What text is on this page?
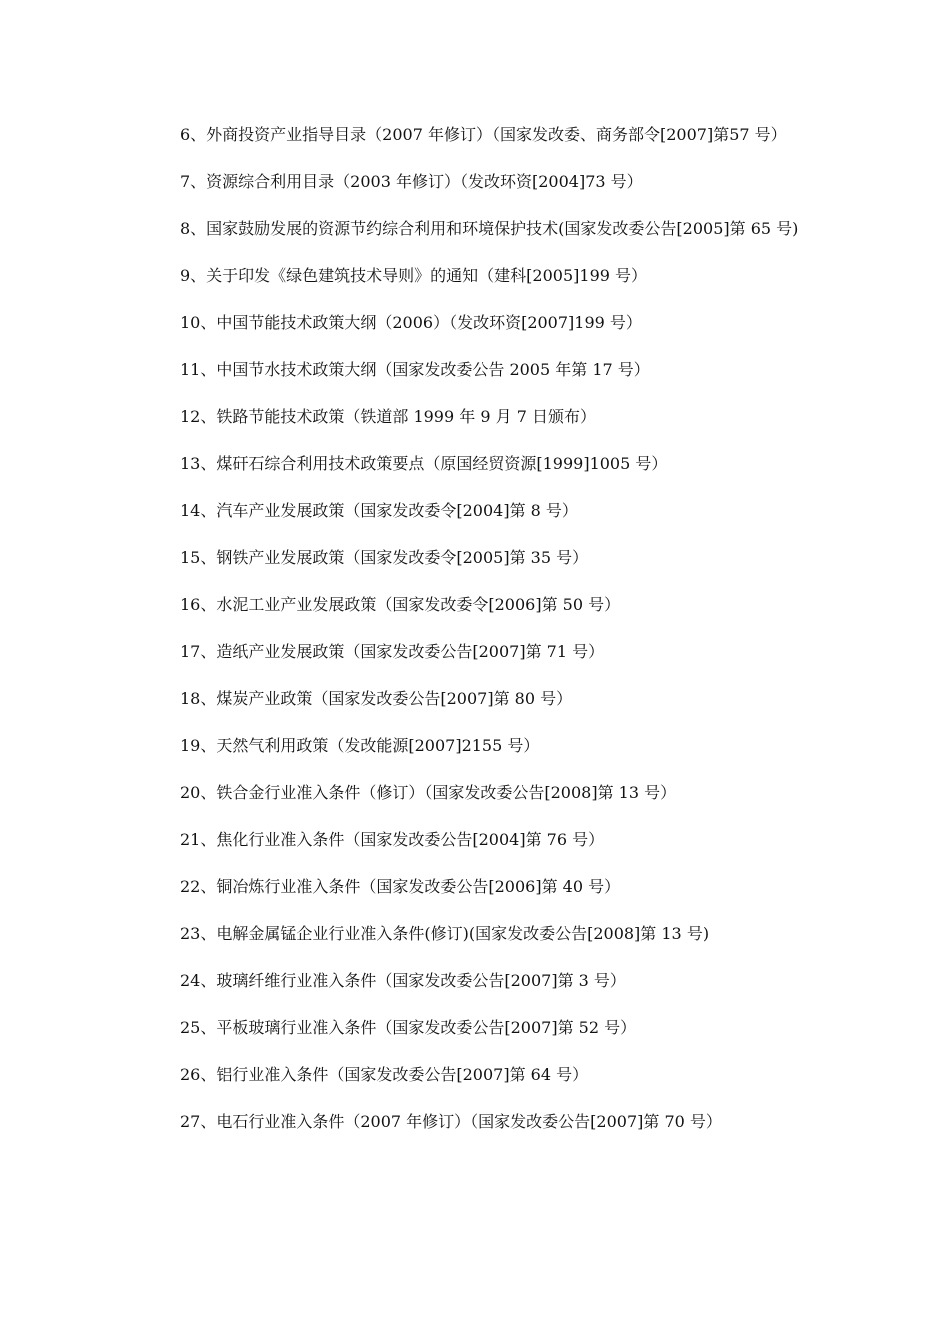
6、外商投资产业指导目录（2007 年修订）（国家发改委、商务部令[2007]第57 号）

7、资源综合利用目录（2003 年修订）（发改环资[2004]73 号）

8、国家鼓励发展的资源节约综合利用和环境保护技术(国家发改委公告[2005]第 65 号)

9、关于印发《绿色建筑技术导则》的通知（建科[2005]199 号）

10、中国节能技术政策大纲（2006）（发改环资[2007]199 号）

11、中国节水技术政策大纲（国家发改委公告 2005 年第 17 号）

12、铁路节能技术政策（铁道部 1999 年 9 月 7 日颁布）

13、煤矸石综合利用技术政策要点（原国经贸资源[1999]1005 号）

14、汽车产业发展政策（国家发改委令[2004]第 8 号）

15、钢铁产业发展政策（国家发改委令[2005]第 35 号）

16、水泥工业产业发展政策（国家发改委令[2006]第 50 号）

17、造纸产业发展政策（国家发改委公告[2007]第 71 号）

18、煤炭产业政策（国家发改委公告[2007]第 80 号）

19、天然气利用政策（发改能源[2007]2155 号）

20、铁合金行业准入条件（修订）（国家发改委公告[2008]第 13 号）

21、焦化行业准入条件（国家发改委公告[2004]第 76 号）

22、铜冶炼行业准入条件（国家发改委公告[2006]第 40 号）

23、电解金属锰企业行业准入条件(修订)(国家发改委公告[2008]第 13 号)

24、玻璃纤维行业准入条件（国家发改委公告[2007]第 3 号）

25、平板玻璃行业准入条件（国家发改委公告[2007]第 52 号）

26、铝行业准入条件（国家发改委公告[2007]第 64 号）

27、电石行业准入条件（2007 年修订）（国家发改委公告[2007]第 70 号）
